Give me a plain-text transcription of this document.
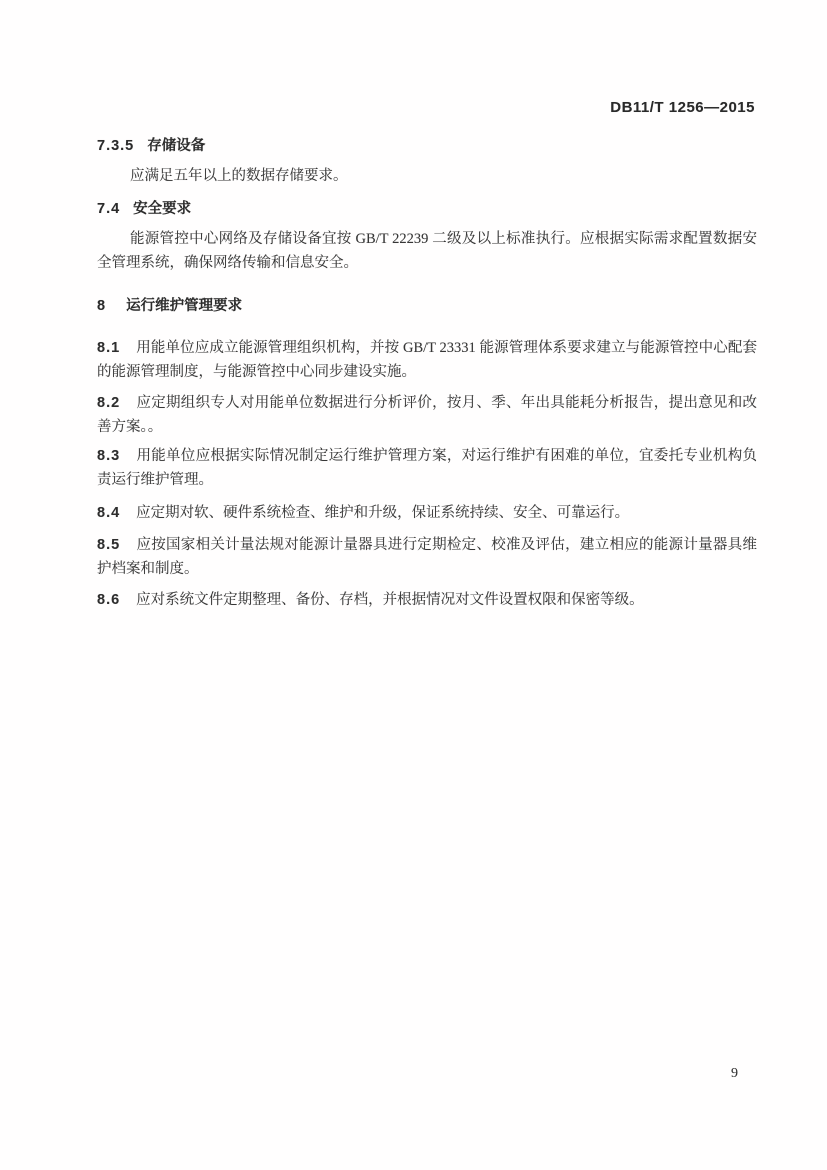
DB11/T 1256—2015
7.3.5 存储设备
应满足五年以上的数据存储要求。
7.4 安全要求
能源管控中心网络及存储设备宜按 GB/T 22239 二级及以上标准执行。应根据实际需求配置数据安全管理系统，确保网络传输和信息安全。
8 运行维护管理要求
8.1 用能单位应成立能源管理组织机构，并按 GB/T 23331 能源管理体系要求建立与能源管控中心配套的能源管理制度，与能源管控中心同步建设实施。
8.2 应定期组织专人对用能单位数据进行分析评价，按月、季、年出具能耗分析报告，提出意见和改善方案。。
8.3 用能单位应根据实际情况制定运行维护管理方案，对运行维护有困难的单位，宜委托专业机构负责运行维护管理。
8.4 应定期对软、硬件系统检查、维护和升级，保证系统持续、安全、可靠运行。
8.5 应按国家相关计量法规对能源计量器具进行定期检定、校准及评估，建立相应的能源计量器具维护档案和制度。
8.6 应对系统文件定期整理、备份、存档，并根据情况对文件设置权限和保密等级。
9
